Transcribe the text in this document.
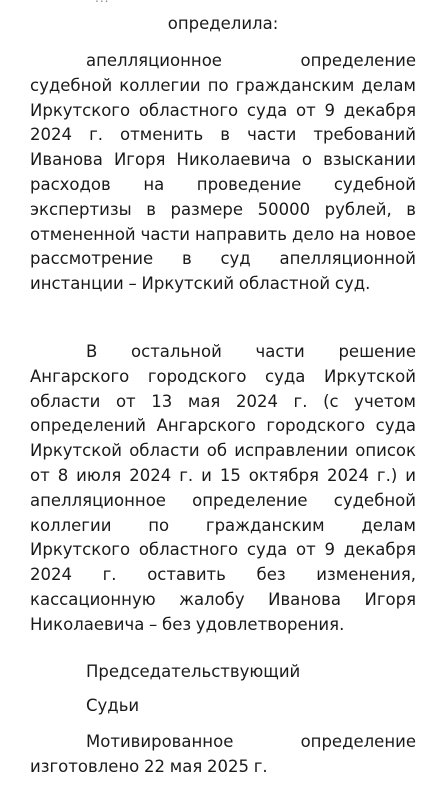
определила:

апелляционное определение судебной коллегии по гражданским делам Иркутского областного суда от 9 декабря 2024 г. отменить в части требований Иванова Игоря Николаевича о взыскании расходов на проведение судебной экспертизы в размере 50000 рублей, в отмененной части направить дело на новое рассмотрение в суд апелляционной инстанции – Иркутский областной суд.

В остальной части решение Ангарского городского суда Иркутской области от 13 мая 2024 г. (с учетом определений Ангарского городского суда Иркутской области об исправлении описок от 8 июля 2024 г. и 15 октября 2024 г.) и апелляционное определение судебной коллегии по гражданским делам Иркутского областного суда от 9 декабря 2024 г. оставить без изменения, кассационную жалобу Иванова Игоря Николаевича – без удовлетворения.

Мотивированное определение изготовлено 22 мая 2025 г.

Председательствующий
Судьи
